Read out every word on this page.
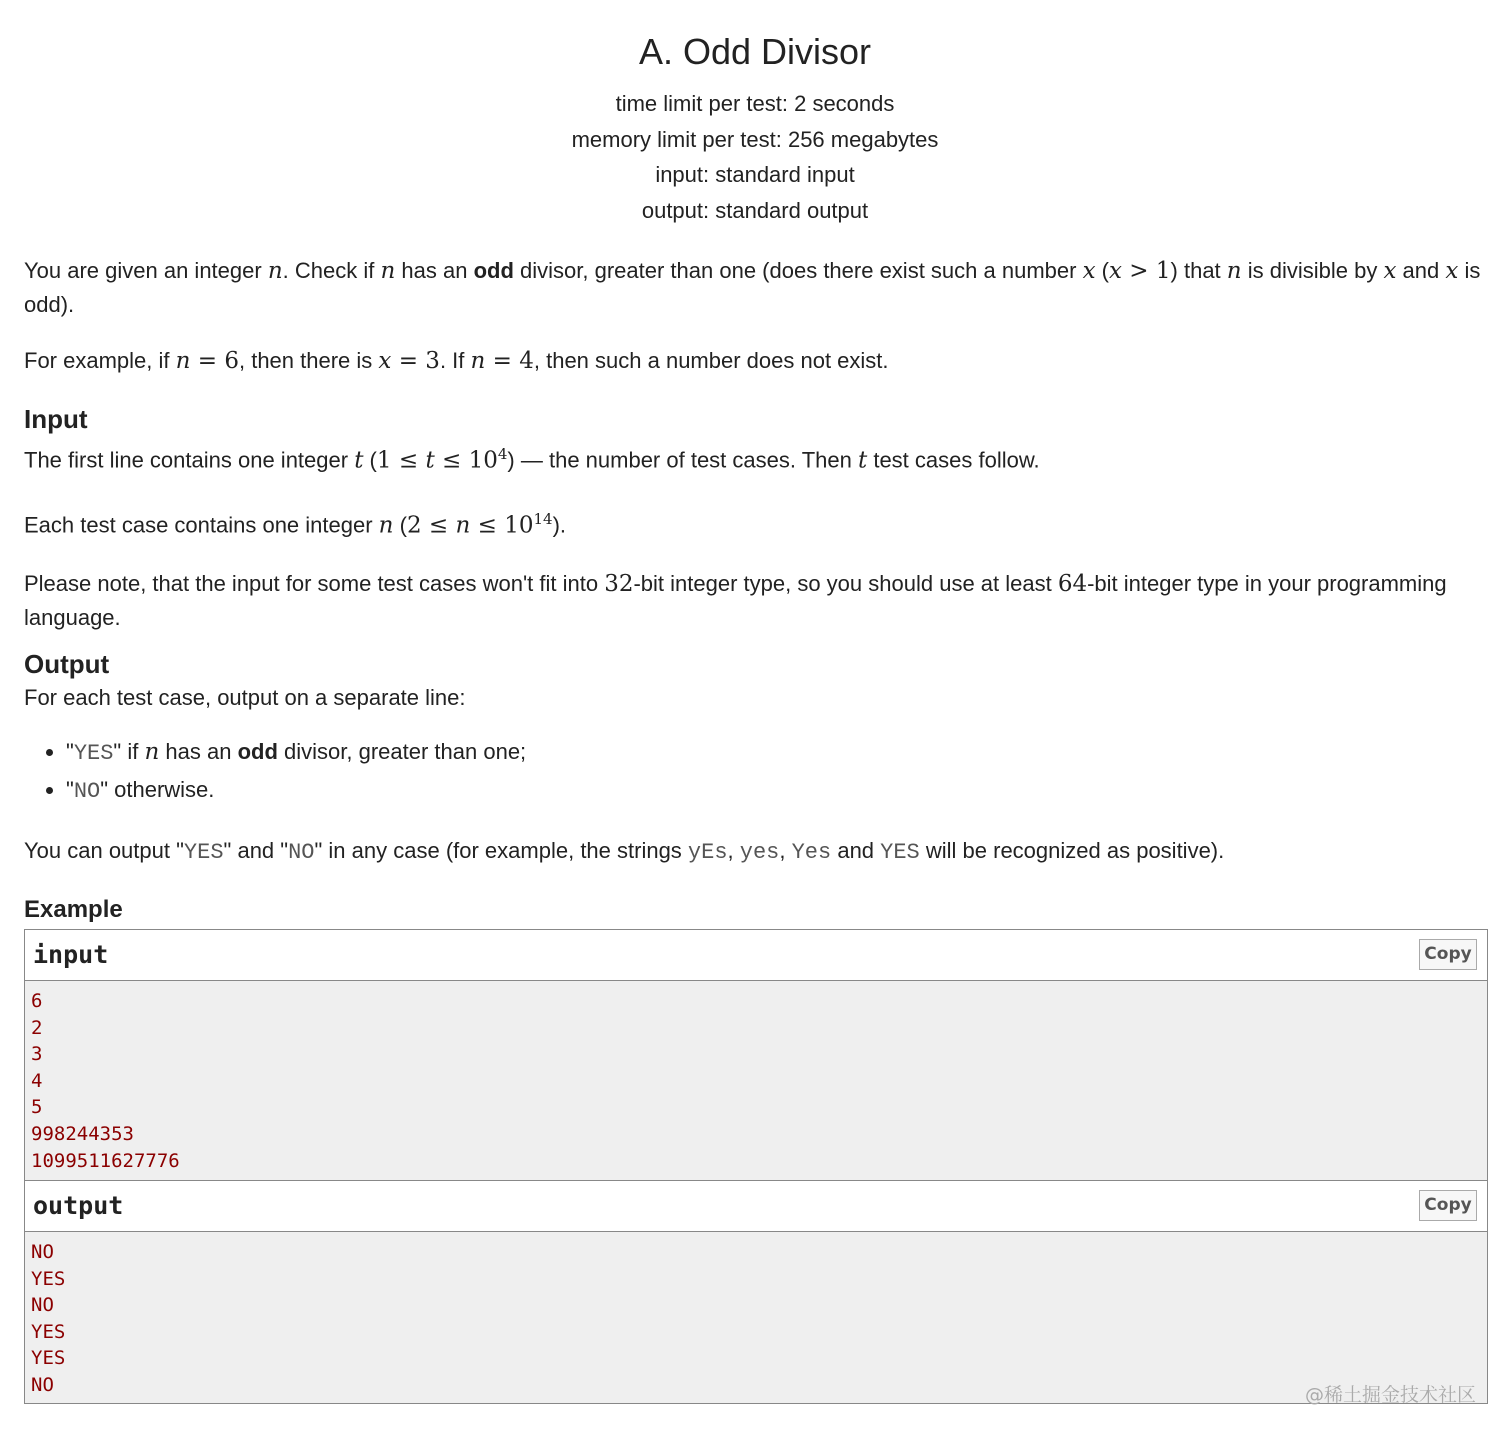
A. Odd Divisor
time limit per test: 2 seconds
memory limit per test: 256 megabytes
input: standard input
output: standard output

You are given an integer n. Check if n has an odd divisor, greater than one (does there exist such a number x (x > 1) that n is divisible by x and x is odd).

For example, if n = 6, then there is x = 3. If n = 4, then such a number does not exist.

Input

The first line contains one integer t $(1 \le t \le 10^4)$ — the number of test cases. Then t test cases follow.

Each test case contains one integer n $(2 \le n \le 10^{14})$.

Please note, that the input for some test cases won't fit into 32-bit integer type, so you should use at least 64-bit integer type in your programming language.

Output

For each test case, output on a separate line:

• "YES" if n has an odd divisor, greater than one;
• "NO" otherwise.

You can output "YES" and "NO" in any case (for example, the strings yEs, yes, Yes and YES will be recognized as positive).

Example
input	Copy
6
2
3
4
5
998244353
1099511627776
output	Copy
NO
YES
NO
YES
YES
NO	@稀土掘金技术社区
